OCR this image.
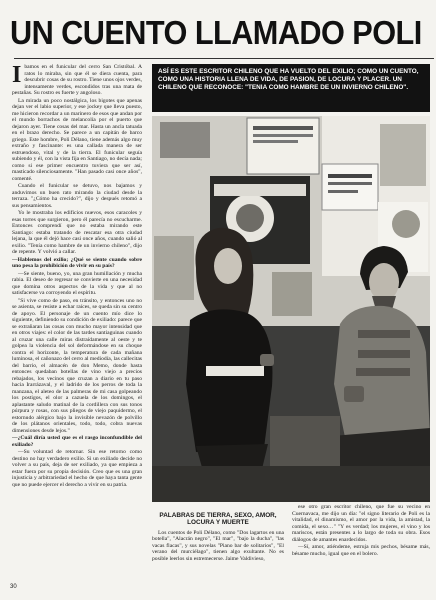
UN CUENTO LLAMADO POLI

Ibamos en el funicular del cerro San Cristóbal. A ratos lo miraba, sin que él se diera cuenta, para descubrir cosas de su rostro. Tiene unos ojos verdes, intensamente verdes, escondidos tras una mata de pestañas. Su rostro es fuerte y angoloso.

La mirada un poco nostálgica, los bigotes que apenas dejan ver el labio superior, y ese jockey que lleva puesto, me hicieron recordar a un marinero de esos que andan por el mundo borrachos de melancolía por el puerto que dejaron ayer. Tiene cosas del mar. Hasta un ancla tatuada en el brazo derecho. Se parece a un capitán de barco griego. Este hombre, Poli Délano, tiene además algo muy extraño y fascinante: es una callada manera de ser estruendoso, vital y de la tierra. El funicular seguía subiendo y él, con la vista fija en Santiago, no decía nada; como si ese primer encuentro tuviera que ser así, masticado silenciosamente. "Han pasado casi once años", comenté.

Cuando el funicular se detuvo, nos bajamos y anduvimos un buen rato mirando la ciudad desde la terraza. "¿Cómo ha crecido?", dijo y después retomó a sus pensamientos.

Yo le mostraba los edificios nuevos, esos caracoles y esas torres que surgieron, pero él parecía no escucharme. Entonces comprendí que no estaba mirando este Santiago: estaba tratando de rescatar esa otra ciudad lejana, la que él dejó hace casi once años, cuando salió al exilio. "Tenía como hambre de un invierno chileno", dijo de repente. Y volvió a callar.

—Hablemos del exilio; ¿Qué se siente cuando sobre uno pesa la prohibición de vivir en su país?

—Se siente, bueno, yo, una gran humillación y mucha rabia. El deseo de regresar se convierte en una necesidad que domina otros aspectos de la vida y que al no satisfacerse va corroyendo el espíritu.

"Si vive como de paso, en tránsito, y entonces uno no se asienta, se resiste a echar raíces, se queda sin su centro de apoyo. El personaje de un cuento mío dice lo siguiente, definiendo su condición de exiliado: parece que se extrañaran las cosas con mucho mayor intensidad que en otros viajes: el color de las tardes santiaguinas cuando al cruzar una calle miras distraídamente al oeste y te golpea la violencia del sol deformándose en su choque contra el horizonte, la temperatura de cada mañana luminosa, el cañonazo del cerro al mediodía, las callecitas del barrio, el almacén de don Memo, donde hasta entonces quedaban botellas de vino viejo a precios rebajados, los vecinos que cruzan a diario en tu paso hacia Irarrázaval, y el ladrido de los perros de toda la manzana, el aleteo de las palmeras de mi casa golpeando los postigos, el olor a cazuela de los domingos, el aplastante saludo matinal de la cordillera con sus tonos púrpura y rosas, con sus pliegos de viejo paquidermo, el estornudo alérgico bajo la invisible nevazón de polvillo de los plátanos orientales, todo, todo, cobra nuevas dimensiones desde lejos."

—¿Cuál diría usted que es el rasgo inconfundible del exiliado?

—Su voluntad de retornar. Sin ese retorno como destino no hay verdadero exilio. Si un exiliado decide no volver a su país, deja de ser exiliado, ya que empieza a estar fuera por su propia decisión. Creo que es una gran injusticia y arbitrariedad el hecho de que haya tanta gente que no puede ejercer el derecho a vivir en su patria.

ASÍ ES ESTE ESCRITOR CHILENO QUE HA VUELTO DEL EXILIO; COMO UN CUENTO, COMO UNA HISTORIA LLENA DE VIDA, DE PASION, DE LOCURA Y PLACER. UN CHILENO QUE RECONOCE: "TENIA COMO HAMBRE DE UN INVIERNO CHILENO".
PALABRAS DE TIERRA, SEXO, AMOR, LOCURA Y MUERTE

Los cuentos de Poli Délano, como "Dos lagartos en una botella", "Alacrán negro", "El mar", "bajo la ducha", "las vacas flacas", y sus novelas "Piano bar de solitarios", "El verano del murciélago", tienen algo exultante. No es posible leerlos sin estremecerse. Jaime Valdivieso,

ese otro gran escritor chileno, que fue su vecino en Cuernavaca, me dijo un día: "el signo literario de Poli es la vitalidad, el dinamismo, el amor por la vida, la amistad, la comida, el sexo…" "Y es verdad; los mujeres, el vino y los mariscos, están presentes a lo largo de toda su obra. Esos diálogos de amantes enardecidos.

—Sí, amor, atiéndeme, estruja mis pechos, bésame más, bésame mucho, igual que en el bolero.

30
